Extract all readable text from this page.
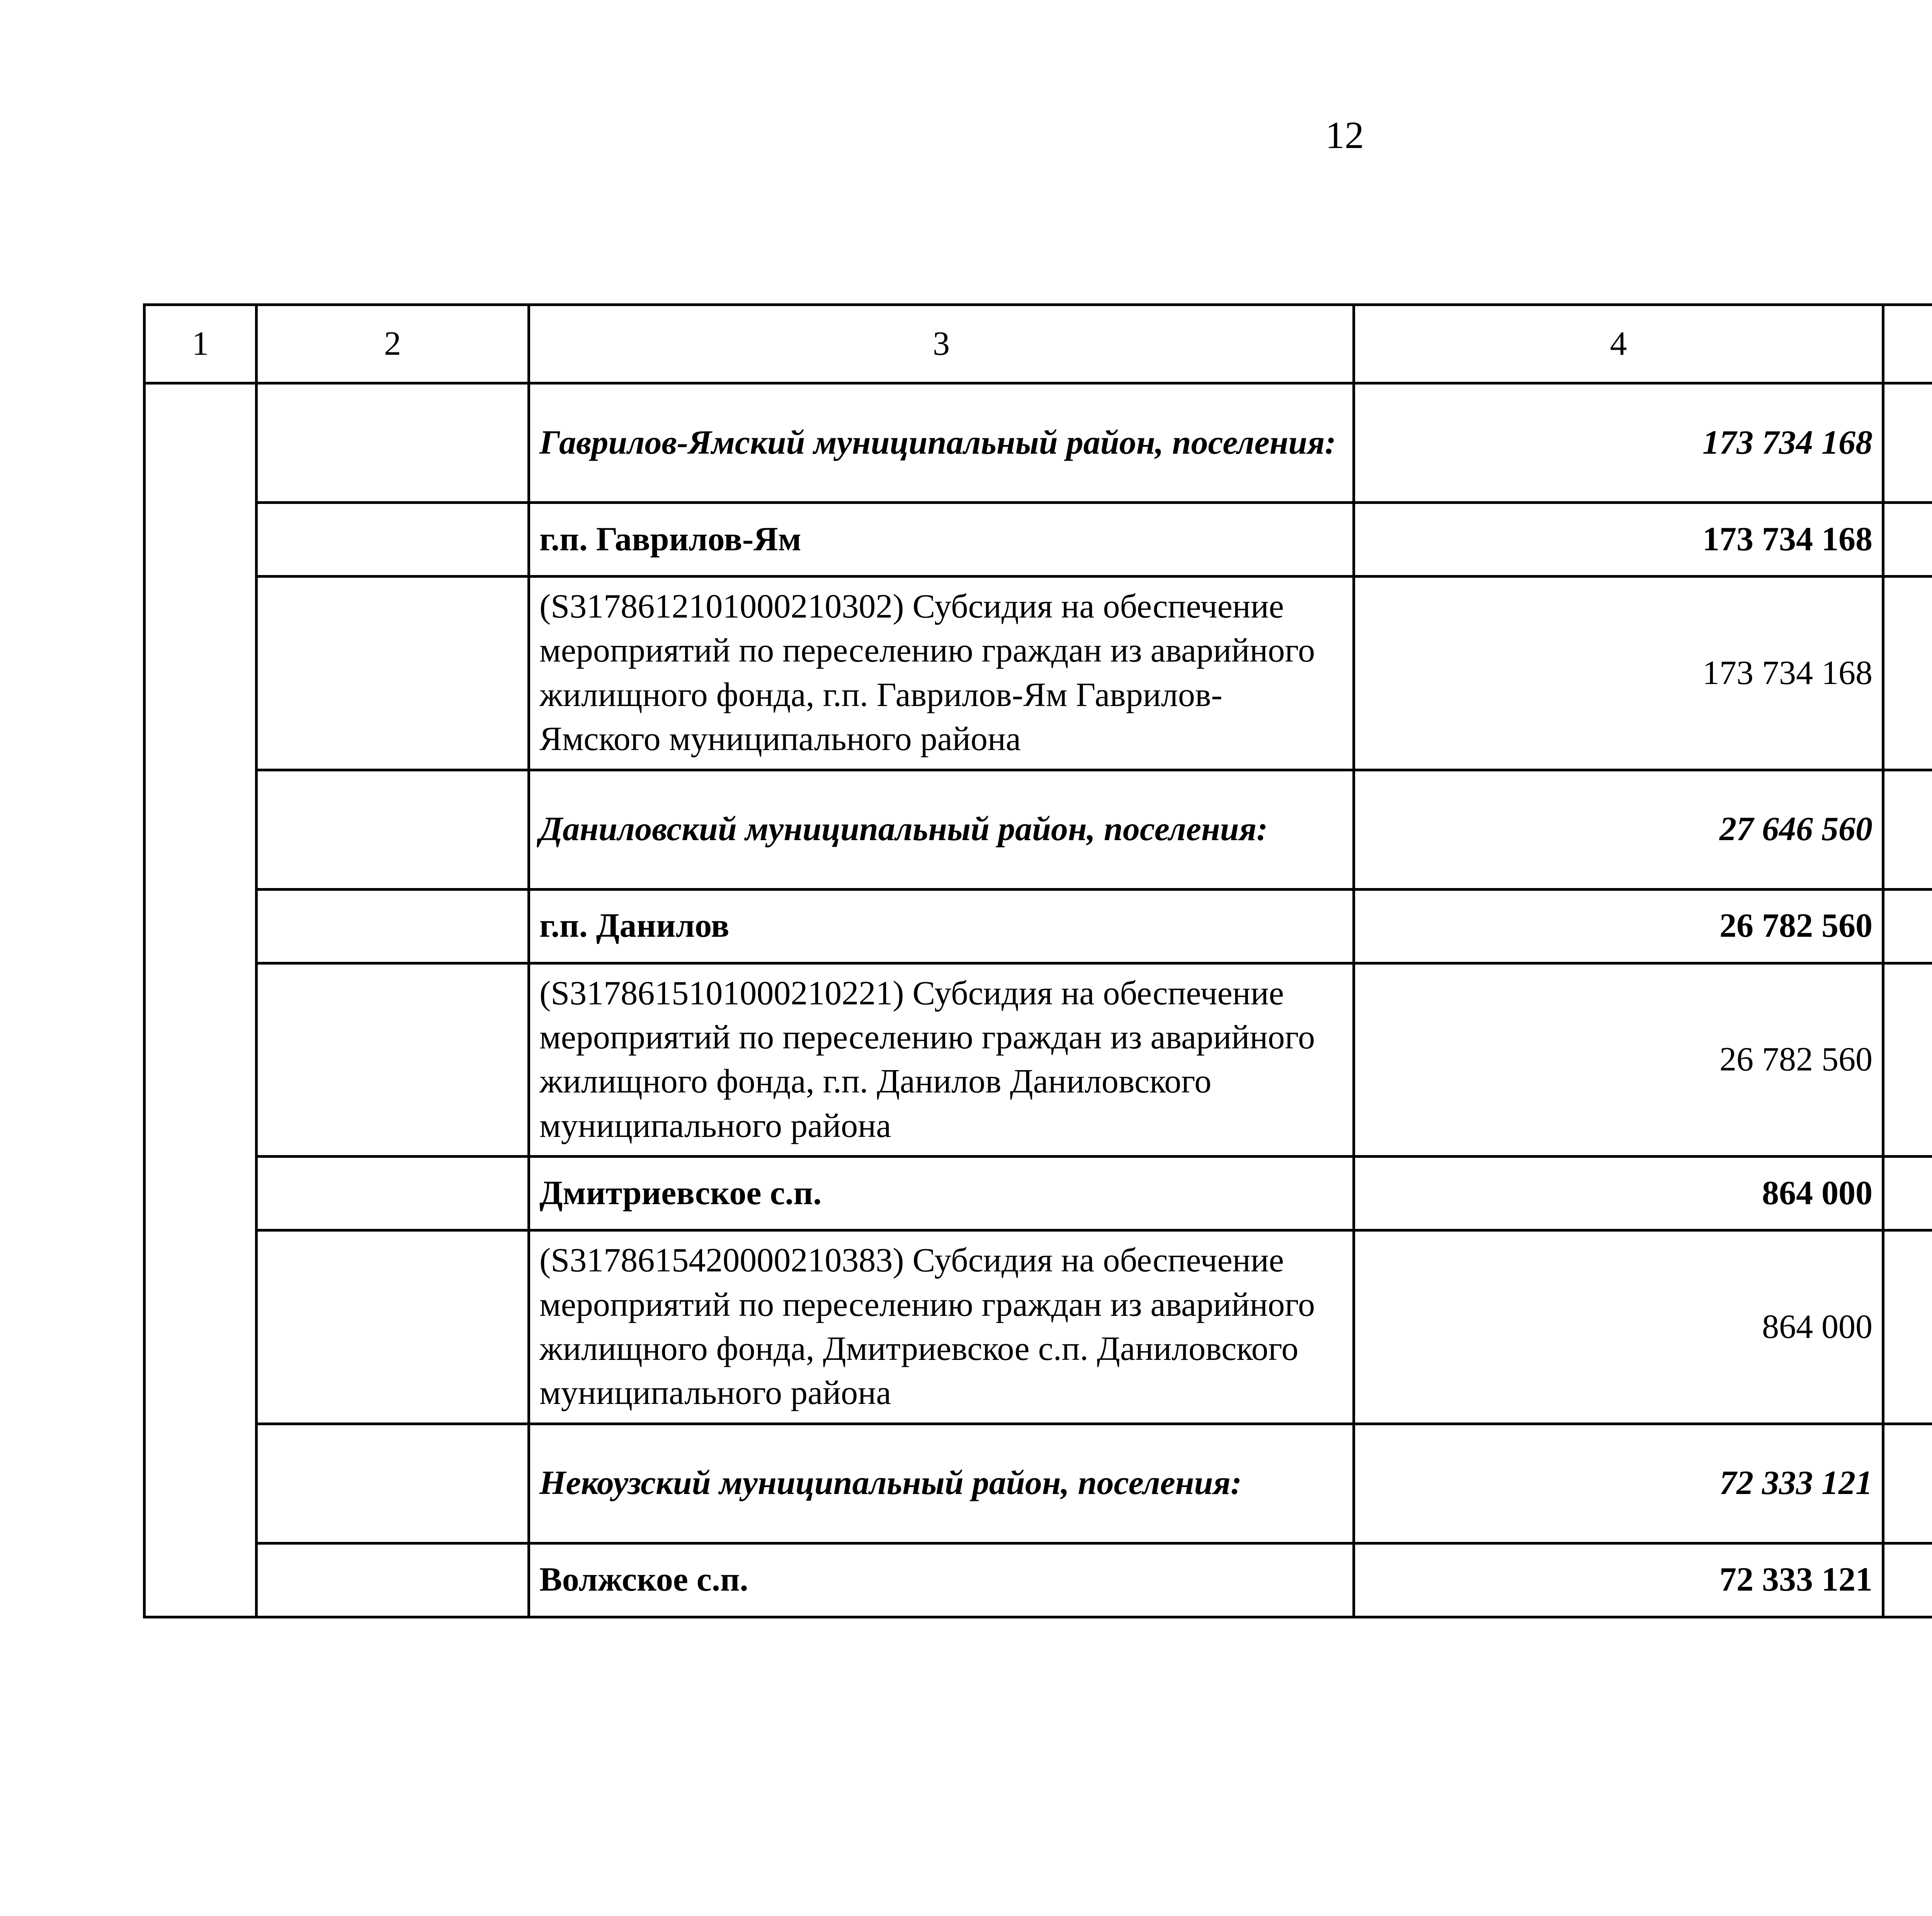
12
1	2	3	4			
		Гаврилов-Ямский муниципальный район, поселения:	173 734 168			
		г.п. Гаврилов-Ям	173 734 168			
		(S3178612101000210302) Субсидия на обеспечение мероприятий по переселению граждан из аварийного жилищного фонда, г.п. Гаврилов-Ям Гаврилов-Ямского муниципального района	173 734 168			
		Даниловский муниципальный район, поселения:	27 646 560			
		г.п. Данилов	26 782 560			
		(S3178615101000210221) Субсидия на обеспечение мероприятий по переселению граждан из аварийного жилищного фонда, г.п. Данилов Даниловского муниципального района	26 782 560			
		Дмитриевское с.п.	864 000			
		(S3178615420000210383) Субсидия на обеспечение мероприятий по переселению граждан из аварийного жилищного фонда, Дмитриевское с.п. Даниловского муниципального района	864 000			
		Некоузский муниципальный район, поселения:	72 333 121			
		Волжское с.п.	72 333 121			
